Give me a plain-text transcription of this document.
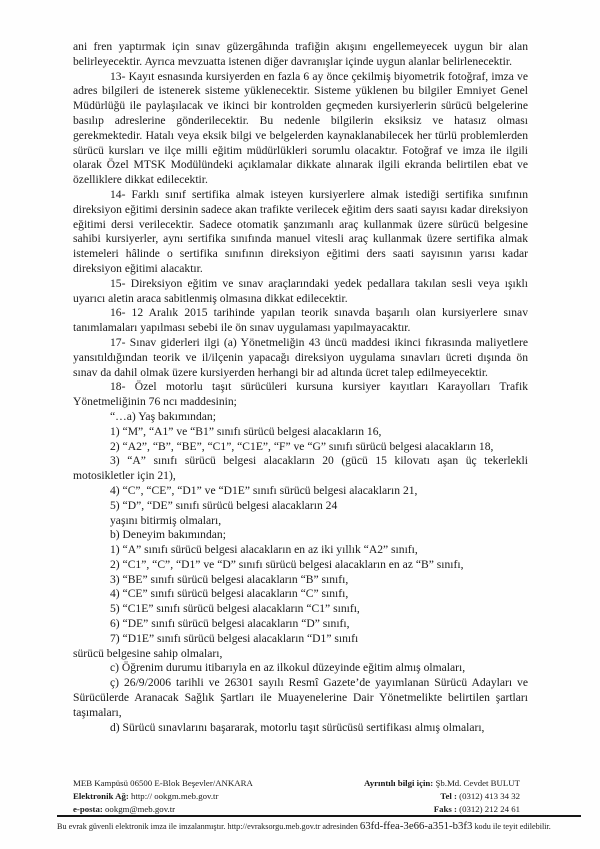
ani fren yaptırmak için sınav güzergâhında trafiğin akışını engellemeyecek uygun bir alan belirleyecektir. Ayrıca mevzuatta istenen diğer davranışlar içinde uygun alanlar belirlenecektir.

13- Kayıt esnasında kursiyerden en fazla 6 ay önce çekilmiş biyometrik fotoğraf, imza ve adres bilgileri de istenerek sisteme yüklenecektir. Sisteme yüklenen bu bilgiler Emniyet Genel Müdürlüğü ile paylaşılacak ve ikinci bir kontrolden geçmeden kursiyerlerin sürücü belgelerine basılıp adreslerine gönderilecektir. Bu nedenle bilgilerin eksiksiz ve hatasız olması gerekmektedir. Hatalı veya eksik bilgi ve belgelerden kaynaklanabilecek her türlü problemlerden sürücü kursları ve ilçe milli eğitim müdürlükleri sorumlu olacaktır. Fotoğraf ve imza ile ilgili olarak Özel MTSK Modülündeki açıklamalar dikkate alınarak ilgili ekranda belirtilen ebat ve özelliklere dikkat edilecektir.

14- Farklı sınıf sertifika almak isteyen kursiyerlere almak istediği sertifika sınıfının direksiyon eğitimi dersinin sadece akan trafikte verilecek eğitim ders saati sayısı kadar direksiyon eğitimi dersi verilecektir. Sadece otomatik şanzımanlı araç kullanmak üzere sürücü belgesine sahibi kursiyerler, aynı sertifika sınıfında manuel vitesli araç kullanmak üzere sertifika almak istemeleri hâlinde o sertifika sınıfının direksiyon eğitimi ders saati sayısının yarısı kadar direksiyon eğitimi alacaktır.

15- Direksiyon eğitim ve sınav araçlarındaki yedek pedallara takılan sesli veya ışıklı uyarıcı aletin araca sabitlenmiş olmasına dikkat edilecektir.

16- 12 Aralık 2015 tarihinde yapılan teorik sınavda başarılı olan kursiyerlere sınav tanımlamaları yapılması sebebi ile ön sınav uygulaması yapılmayacaktır.

17- Sınav giderleri ilgi (a) Yönetmeliğin 43 üncü maddesi ikinci fıkrasında maliyetlere yansıtıldığından teorik ve il/ilçenin yapacağı direksiyon uygulama sınavları ücreti dışında ön sınav da dahil olmak üzere kursiyerden herhangi bir ad altında ücret talep edilmeyecektir.

18- Özel motorlu taşıt sürücüleri kursuna kursiyer kayıtları Karayolları Trafik Yönetmeliğinin 76 ncı maddesinin;

“…a) Yaş bakımından;

1) “M”, “A1” ve “B1” sınıfı sürücü belgesi alacakların 16,

2) “A2”, “B”, “BE”, “C1”, “C1E”, “F” ve “G” sınıfı sürücü belgesi alacakların 18,

3) “A” sınıfı sürücü belgesi alacakların 20 (gücü 15 kilovatı aşan üç tekerlekli motosikletler için 21),

4) “C”, “CE”, “D1” ve “D1E” sınıfı sürücü belgesi alacakların 21,

5) “D”, “DE” sınıfı sürücü belgesi alacakların 24

yaşını bitirmiş olmaları,

b) Deneyim bakımından;

1) “A” sınıfı sürücü belgesi alacakların en az iki yıllık “A2” sınıfı,

2) “C1”, “C”, “D1” ve “D” sınıfı sürücü belgesi alacakların en az “B” sınıfı,

3) “BE” sınıfı sürücü belgesi alacakların “B” sınıfı,

4) “CE” sınıfı sürücü belgesi alacakların “C” sınıfı,

5) “C1E” sınıfı sürücü belgesi alacakların “C1” sınıfı,

6) “DE” sınıfı sürücü belgesi alacakların “D” sınıfı,

7) “D1E” sınıfı sürücü belgesi alacakların “D1” sınıfı

sürücü belgesine sahip olmaları,

c) Öğrenim durumu itibarıyla en az ilkokul düzeyinde eğitim almış olmaları,

ç) 26/9/2006 tarihli ve 26301 sayılı Resmî Gazete’de yayımlanan Sürücü Adayları ve Sürücülerde Aranacak Sağlık Şartları ile Muayenelerine Dair Yönetmelikte belirtilen şartları taşımaları,

d) Sürücü sınavlarını başararak, motorlu taşıt sürücüsü sertifikası almış olmaları,

MEB Kampüsü 06500 E-Blok Beşevler/ANKARA
Elektronik Ağ: http:// ookgm.meb.gov.tr
e-posta: ookgm@meb.gov.tr
Ayrıntılı bilgi için: Şb.Md. Cevdet BULUT
Tel : (0312) 413 34 32
Faks : (0312) 212 24 61
Bu evrak güvenli elektronik imza ile imzalanmıştır. http://evraksorgu.meb.gov.tr adresinden 63fd-ffea-3e66-a351-b3f3 kodu ile teyit edilebilir.
